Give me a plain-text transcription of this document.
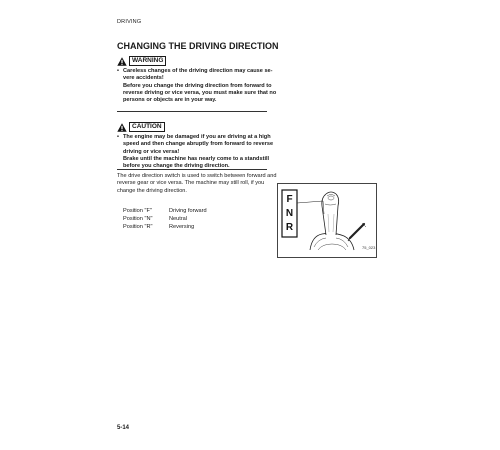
DRIVING
CHANGING THE DRIVING DIRECTION
WARNING
• Careless changes of the driving direction may cause se-
vere accidents!
Before you change the driving direction from forward to
reverse driving or vice versa, you must make sure that no
persons or objects are in your way.
CAUTION
• The engine may be damaged if you are driving at a high
speed and then change abruptly from forward to reverse
driving or vice versa!
Brake until the machine has nearly come to a standstill
before you change the driving direction.
The drive direction switch is used to switch between forward and
reverse gear or vice versa. The machine may still roll, if you
change the driving direction.
Position "F"	Driving forward
Position "N"	Neutral
Position "R"	Reversing
F
N
R
75_023
5-14
